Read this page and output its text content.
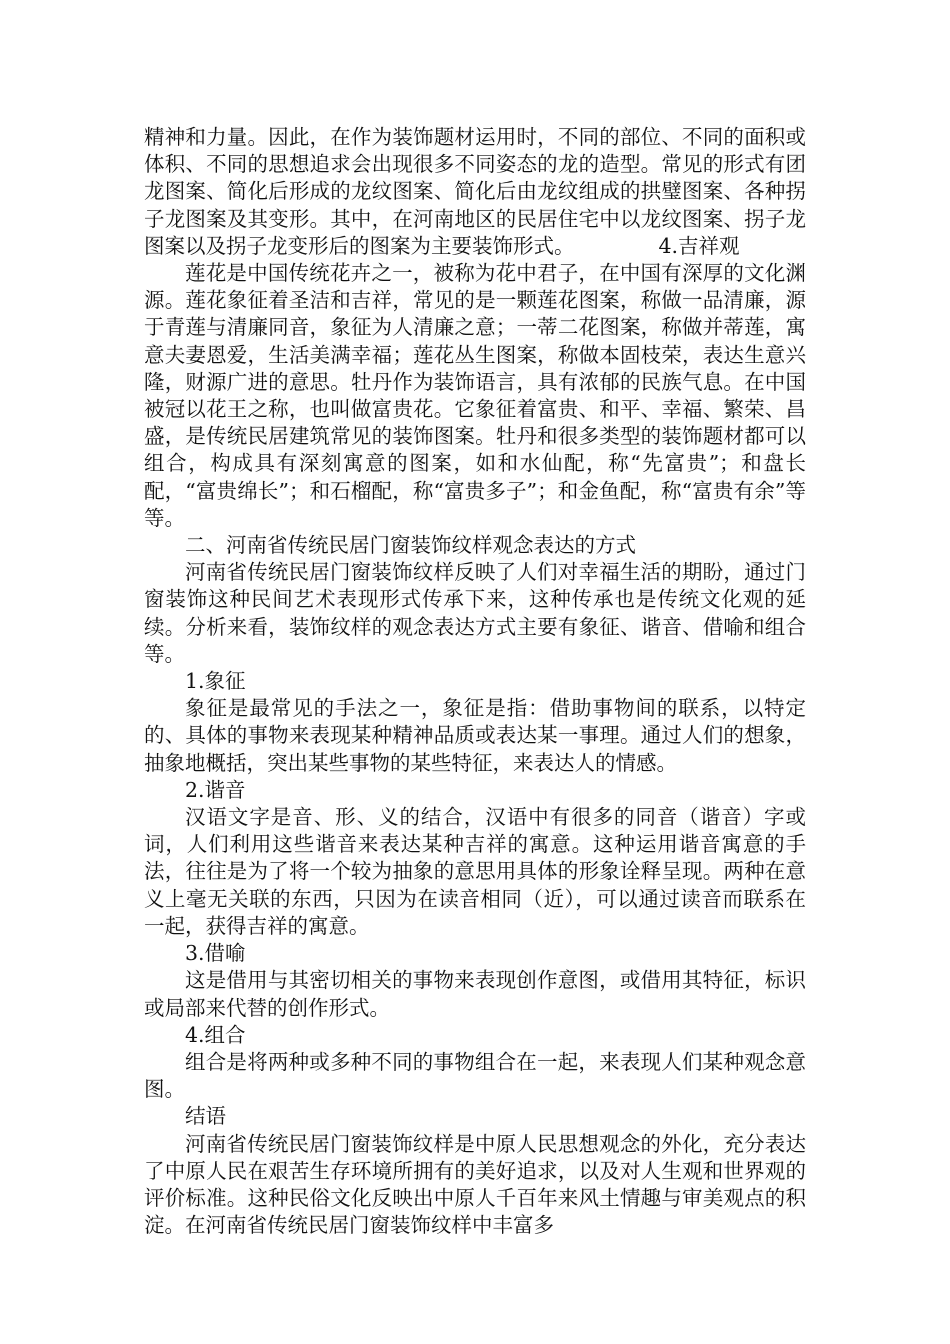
精神和力量。因此，在作为装饰题材运用时，不同的部位、不同的面积或体积、不同的思想追求会出现很多不同姿态的龙的造型。常见的形式有团龙图案、简化后形成的龙纹图案、简化后由龙纹组成的拱璧图案、各种拐子龙图案及其变形。其中，在河南地区的民居住宅中以龙纹图案、拐子龙图案以及拐子龙变形后的图案为主要装饰形式。	4.吉祥观

莲花是中国传统花卉之一，被称为花中君子，在中国有深厚的文化渊源。莲花象征着圣洁和吉祥，常见的是一颗莲花图案，称做一品清廉，源于青莲与清廉同音，象征为人清廉之意；一蒂二花图案，称做并蒂莲，寓意夫妻恩爱，生活美满幸福；莲花丛生图案，称做本固枝荣，表达生意兴隆，财源广进的意思。牡丹作为装饰语言，具有浓郁的民族气息。在中国被冠以花王之称，也叫做富贵花。它象征着富贵、和平、幸福、繁荣、昌盛，是传统民居建筑常见的装饰图案。牡丹和很多类型的装饰题材都可以组合，构成具有深刻寓意的图案，如和水仙配，称“先富贵”；和盘长配，“富贵绵长”；和石榴配，称“富贵多子”；和金鱼配，称“富贵有余”等等。

二、河南省传统民居门窗装饰纹样观念表达的方式

河南省传统民居门窗装饰纹样反映了人们对幸福生活的期盼，通过门窗装饰这种民间艺术表现形式传承下来，这种传承也是传统文化观的延续。分析来看，装饰纹样的观念表达方式主要有象征、谐音、借喻和组合等。

1.象征

象征是最常见的手法之一，象征是指：借助事物间的联系，以特定的、具体的事物来表现某种精神品质或表达某一事理。通过人们的想象，抽象地概括，突出某些事物的某些特征，来表达人的情感。

2.谐音

汉语文字是音、形、义的结合，汉语中有很多的同音（谐音）字或词，人们利用这些谐音来表达某种吉祥的寓意。这种运用谐音寓意的手法，往往是为了将一个较为抽象的意思用具体的形象诠释呈现。两种在意义上毫无关联的东西，只因为在读音相同（近），可以通过读音而联系在一起，获得吉祥的寓意。

3.借喻

这是借用与其密切相关的事物来表现创作意图，或借用其特征，标识或局部来代替的创作形式。

4.组合

组合是将两种或多种不同的事物组合在一起，来表现人们某种观念意图。

结语

河南省传统民居门窗装饰纹样是中原人民思想观念的外化，充分表达了中原人民在艰苦生存环境所拥有的美好追求，以及对人生观和世界观的评价标准。这种民俗文化反映出中原人千百年来风土情趣与审美观点的积淀。在河南省传统民居门窗装饰纹样中丰富多
